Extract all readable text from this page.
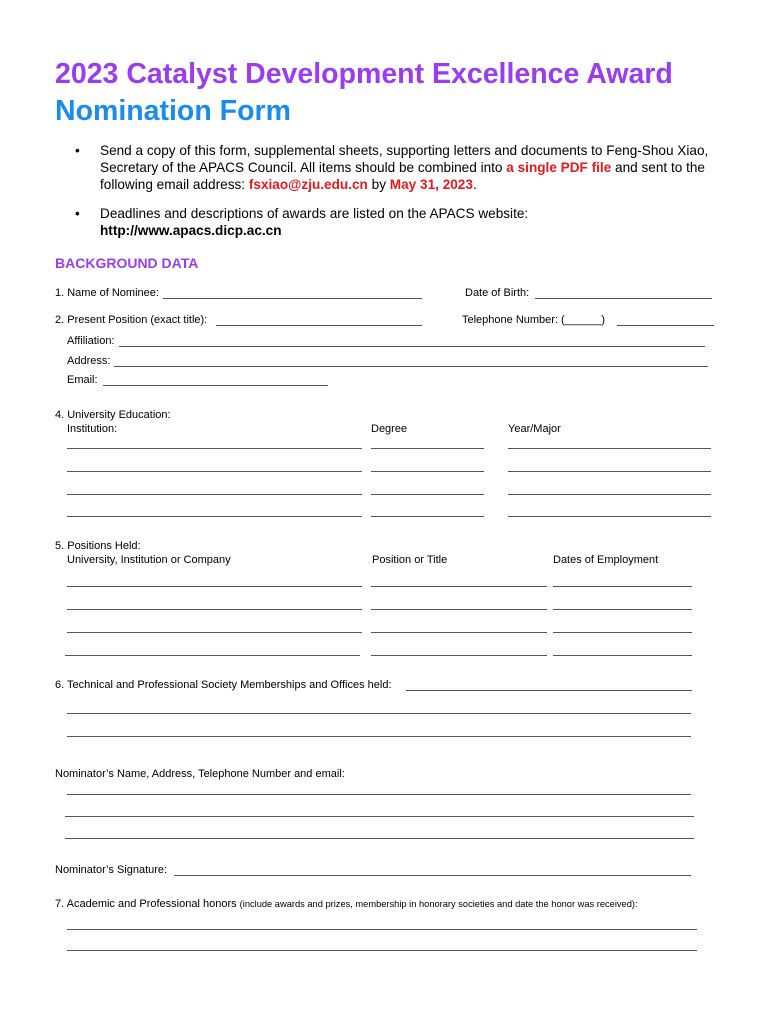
2023 Catalyst Development Excellence Award
Nomination Form
• Send a copy of this form, supplemental sheets, supporting letters and documents to Feng-Shou Xiao, Secretary of the APACS Council. All items should be combined into a single PDF file and sent to the following email address: fsxiao@zju.edu.cn by May 31, 2023.
• Deadlines and descriptions of awards are listed on the APACS website:
http://www.apacs.dicp.ac.cn
BACKGROUND DATA
1. Name of Nominee:	Date of Birth:
2. Present Position (exact title):	Telephone Number: (______)
Affiliation:
Address:
Email:
4. University Education:
Institution:	Degree	Year/Major
5. Positions Held:
University, Institution or Company	Position or Title	Dates of Employment
6. Technical and Professional Society Memberships and Offices held:
Nominator’s Name, Address, Telephone Number and email:
Nominator’s Signature:
7. Academic and Professional honors (include awards and prizes, membership in honorary societies and date the honor was received):
